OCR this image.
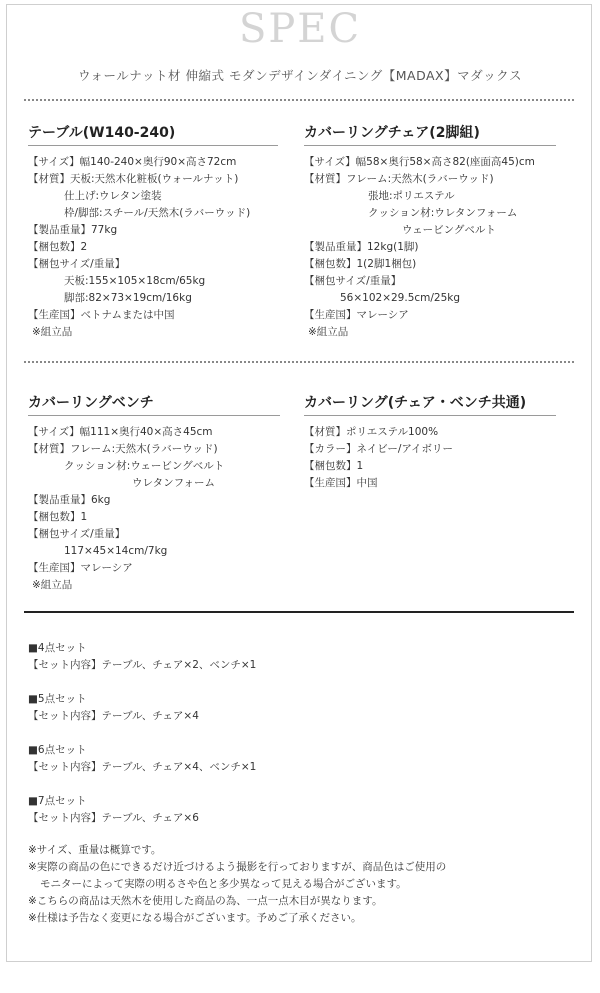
SPEC
ウォールナット材 伸縮式 モダンデザインダイニング【MADAX】マダックス
テーブル(W140-240)
【サイズ】幅140-240×奥行90×高さ72cm
【材質】天板:天然木化粧板(ウォールナット)
仕上げ:ウレタン塗装
枠/脚部:スチール/天然木(ラバーウッド)
【製品重量】77kg
【梱包数】2
【梱包サイズ/重量】
天板:155×105×18cm/65kg
脚部:82×73×19cm/16kg
【生産国】ベトナムまたは中国
※組立品
カバーリングチェア(2脚組)
【サイズ】幅58×奥行58×高さ82(座面高45)cm
【材質】フレーム:天然木(ラバーウッド)
張地:ポリエステル
クッション材:ウレタンフォーム
ウェービングベルト
【製品重量】12kg(1脚)
【梱包数】1(2脚1梱包)
【梱包サイズ/重量】
56×102×29.5cm/25kg
【生産国】マレーシア
※組立品
カバーリングベンチ
【サイズ】幅111×奥行40×高さ45cm
【材質】フレーム:天然木(ラバーウッド)
クッション材:ウェービングベルト
ウレタンフォーム
【製品重量】6kg
【梱包数】1
【梱包サイズ/重量】
117×45×14cm/7kg
【生産国】マレーシア
※組立品
カバーリング(チェア・ベンチ共通)
【材質】ポリエステル100%
【カラー】ネイビー/アイボリー
【梱包数】1
【生産国】中国
■4点セット
【セット内容】テーブル、チェア×2、ベンチ×1
■5点セット
【セット内容】テーブル、チェア×4
■6点セット
【セット内容】テーブル、チェア×4、ベンチ×1
■7点セット
【セット内容】テーブル、チェア×6
※サイズ、重量は概算です。
※実際の商品の色にできるだけ近づけるよう撮影を行っておりますが、商品色はご使用の
モニターによって実際の明るさや色と多少異なって見える場合がございます。
※こちらの商品は天然木を使用した商品の為、一点一点木目が異なります。
※仕様は予告なく変更になる場合がございます。予めご了承ください。
